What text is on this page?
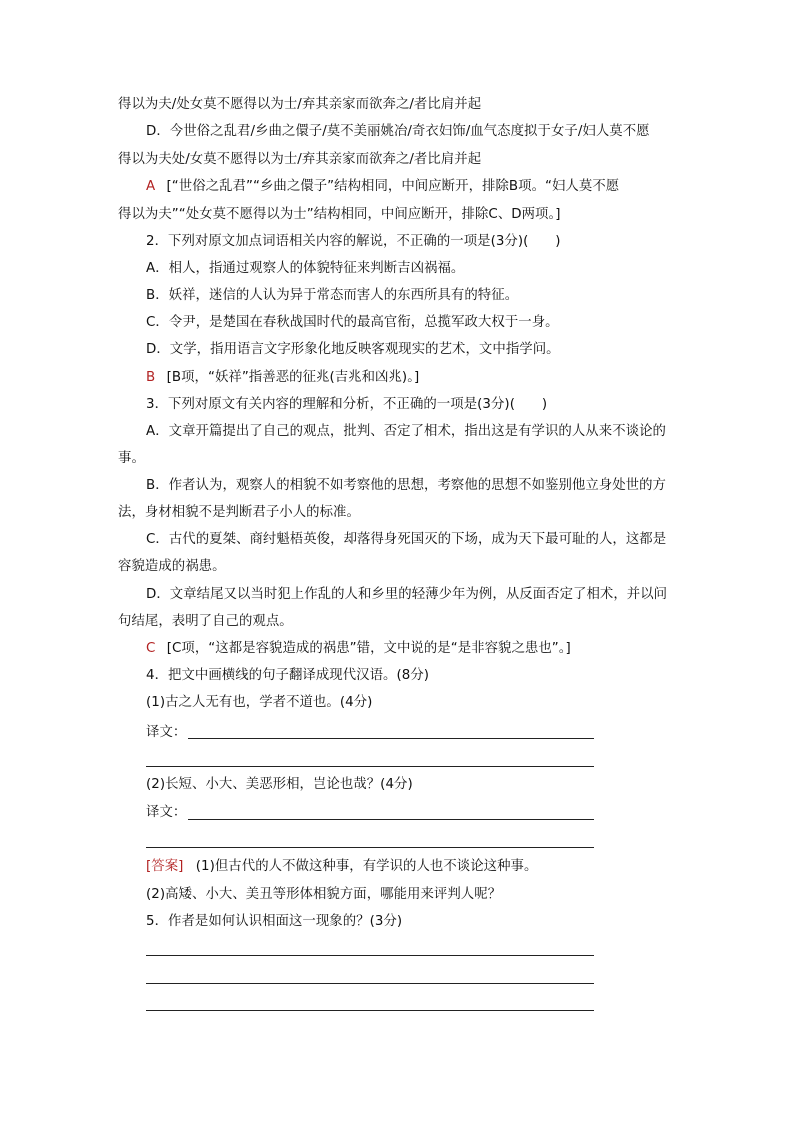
得以为夫/处女莫不愿得以为士/弃其亲家而欲奔之/者比肩并起
D．今世俗之乱君/乡曲之儇子/莫不美丽姚冶/奇衣妇饰/血气态度拟于女子/妇人莫不愿
得以为夫处/女莫不愿得以为士/弃其亲家而欲奔之/者比肩并起
A [“世俗之乱君”“乡曲之儇子”结构相同，中间应断开，排除B项。“妇人莫不愿
得以为夫”“处女莫不愿得以为士”结构相同，中间应断开，排除C、D两项。]
2．下列对原文加点词语相关内容的解说，不正确的一项是(3分)(　　)
A．相人，指通过观察人的体貌特征来判断吉凶祸福。
B．妖祥，迷信的人认为异于常态而害人的东西所具有的特征。
C．令尹，是楚国在春秋战国时代的最高官衔，总揽军政大权于一身。
D．文学，指用语言文字形象化地反映客观现实的艺术，文中指学问。
B [B项，“妖祥”指善恶的征兆(吉兆和凶兆)。]
3．下列对原文有关内容的理解和分析，不正确的一项是(3分)(　　)
A．文章开篇提出了自己的观点，批判、否定了相术，指出这是有学识的人从来不谈论的
事。
B．作者认为，观察人的相貌不如考察他的思想，考察他的思想不如鉴别他立身处世的方
法，身材相貌不是判断君子小人的标准。
C．古代的夏桀、商纣魁梧英俊，却落得身死国灭的下场，成为天下最可耻的人，这都是
容貌造成的祸患。
D．文章结尾又以当时犯上作乱的人和乡里的轻薄少年为例，从反面否定了相术，并以问
句结尾，表明了自己的观点。
C [C项，“这都是容貌造成的祸患”错，文中说的是“是非容貌之患也”。]
4．把文中画横线的句子翻译成现代汉语。(8分)
(1)古之人无有也，学者不道也。(4分)
译文：
(2)长短、小大、美恶形相，岂论也哉？(4分)
译文：
[答案] (1)但古代的人不做这种事，有学识的人也不谈论这种事。
(2)高矮、小大、美丑等形体相貌方面，哪能用来评判人呢？
5．作者是如何认识相面这一现象的？(3分)
